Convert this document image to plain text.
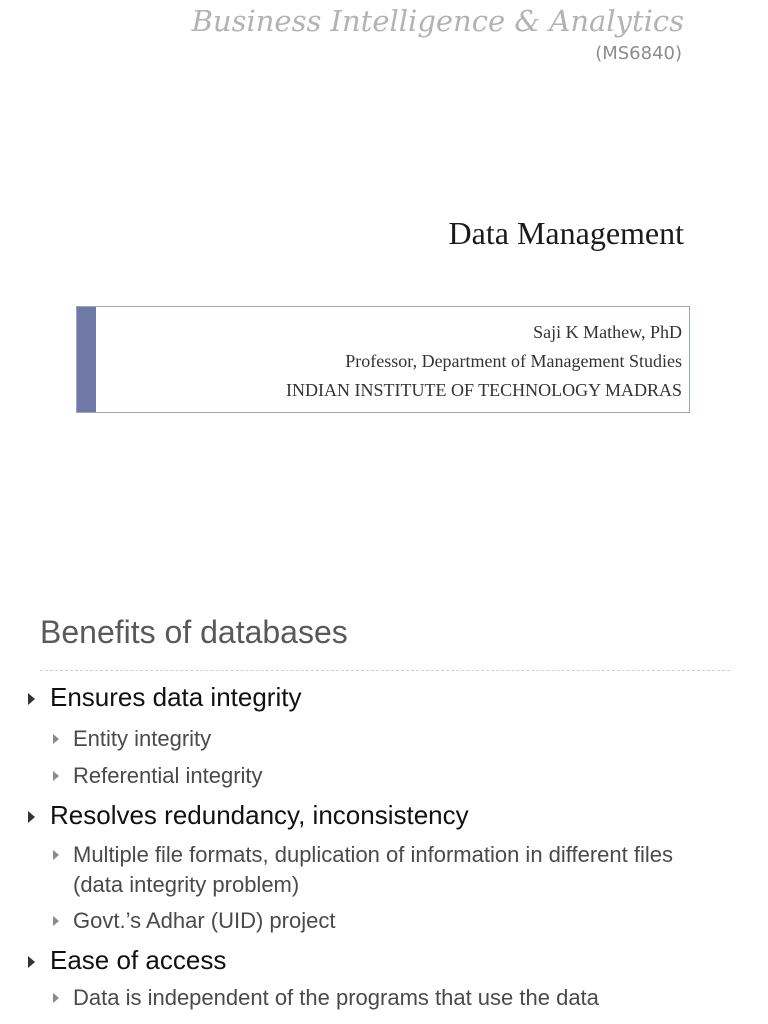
Business Intelligence & Analytics
(MS6840)
Data Management
Saji K Mathew, PhD
Professor, Department of Management Studies
INDIAN INSTITUTE OF TECHNOLOGY MADRAS
Benefits of databases
Ensures data integrity
Entity integrity
Referential integrity
Resolves redundancy, inconsistency
Multiple file formats, duplication of information in different files (data integrity problem)
Govt.’s Adhar (UID) project
Ease of access
Data is independent of the programs that use the data
